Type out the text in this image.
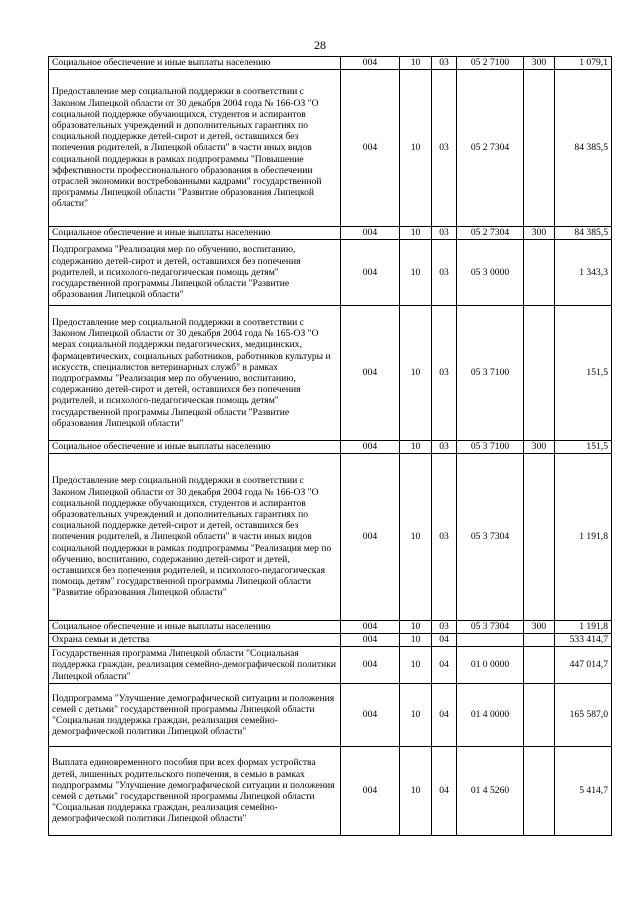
28
Социальное обеспечение и иные выплаты населению	004	10	03	05 2 7100	300	1 079,1
Предоставление мер социальной поддержки в соответствии с Законом Липецкой области от 30 декабря 2004 года № 166-ОЗ "О социальной поддержке обучающихся, студентов и аспирантов образовательных учреждений и дополнительных гарантиях по социальной поддержке детей-сирот и детей, оставшихся без попечения родителей, в Липецкой области" в части иных видов социальной поддержки в рамках подпрограммы "Повышение эффективности профессионального образования в обеспечении отраслей экономики востребованными кадрами" государственной программы Липецкой области "Развитие образования Липецкой области"	004	10	03	05 2 7304		84 385,5
Социальное обеспечение и иные выплаты населению	004	10	03	05 2 7304	300	84 385,5
Подпрограмма "Реализация мер по обучению, воспитанию, содержанию детей-сирот и детей, оставшихся без попечения родителей, и психолого-педагогическая помощь детям" государственной программы Липецкой области "Развитие образования Липецкой области"	004	10	03	05 3 0000		1 343,3
Предоставление мер социальной поддержки в соответствии с Законом Липецкой области от 30 декабря 2004 года № 165-ОЗ "О мерах социальной поддержки педагогических, медицинских, фармацевтических, социальных работников, работников культуры и искусств, специалистов ветеринарных служб" в рамках подпрограммы "Реализация мер по обучению, воспитанию, содержанию детей-сирот и детей, оставшихся без попечения родителей, и психолого-педагогическая помощь детям" государственной программы Липецкой области "Развитие образования Липецкой области"	004	10	03	05 3 7100		151,5
Социальное обеспечение и иные выплаты населению	004	10	03	05 3 7100	300	151,5
Предоставление мер социальной поддержки в соответствии с Законом Липецкой области от 30 декабря 2004 года № 166-ОЗ "О социальной поддержке обучающихся, студентов и аспирантов образовательных учреждений и дополнительных гарантиях по социальной поддержке детей-сирот и детей, оставшихся без попечения родителей, в Липецкой области" в части иных видов социальной поддержки в рамках подпрограммы "Реализация мер по обучению, воспитанию, содержанию детей-сирот и детей, оставшихся без попечения родителей, и психолого-педагогическая помощь детям" государственной программы Липецкой области "Развитие образования Липецкой области"	004	10	03	05 3 7304		1 191,8
Социальное обеспечение и иные выплаты населению	004	10	03	05 3 7304	300	1 191,8
Охрана семьи и детства	004	10	04			533 414,7
Государственная программа Липецкой области "Социальная поддержка граждан, реализация семейно-демографической политики Липецкой области"	004	10	04	01 0 0000		447 014,7
Подпрограмма "Улучшение демографической ситуации и положения семей с детьми" государственной программы Липецкой области "Социальная поддержка граждан, реализация семейно-демографической политики Липецкой области"	004	10	04	01 4 0000		165 587,0
Выплата единовременного пособия при всех формах устройства детей, лишенных родительского попечения, в семью в рамках подпрограммы "Улучшение демографической ситуации и положения семей с детьми" государственной программы Липецкой области "Социальная поддержка граждан, реализация семейно-демографической политики Липецкой области"	004	10	04	01 4 5260		5 414,7
